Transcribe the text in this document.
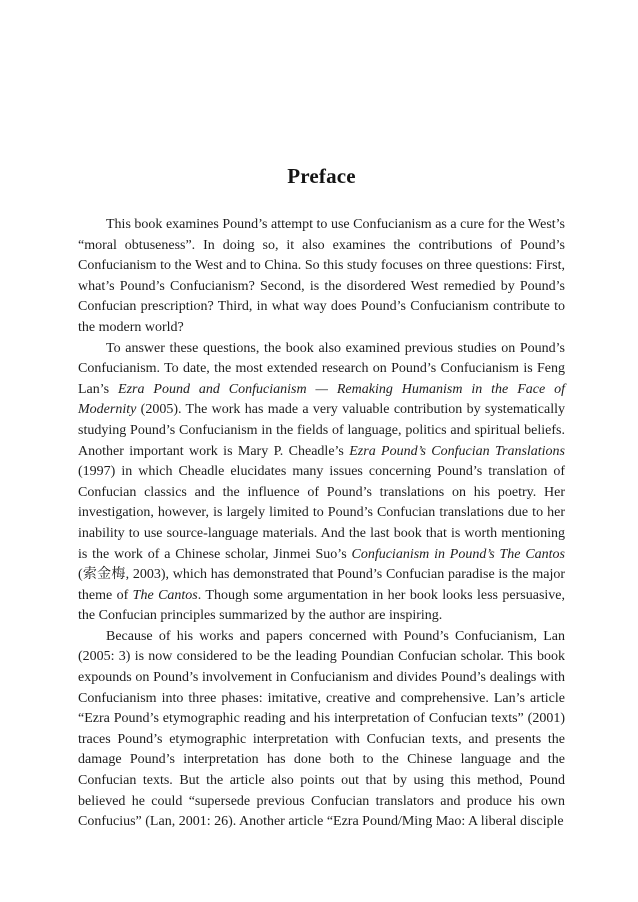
Preface

This book examines Pound’s attempt to use Confucianism as a cure for the West’s “moral obtuseness”. In doing so, it also examines the contributions of Pound’s Confucianism to the West and to China. So this study focuses on three questions: First, what’s Pound’s Confucianism? Second, is the disordered West remedied by Pound’s Confucian prescription? Third, in what way does Pound’s Confucianism contribute to the modern world?

To answer these questions, the book also examined previous studies on Pound’s Confucianism. To date, the most extended research on Pound’s Confucianism is Feng Lan’s Ezra Pound and Confucianism — Remaking Humanism in the Face of Modernity (2005). The work has made a very valuable contribution by systematically studying Pound’s Confucianism in the fields of language, politics and spiritual beliefs. Another important work is Mary P. Cheadle’s Ezra Pound’s Confucian Translations (1997) in which Cheadle elucidates many issues concerning Pound’s translation of Confucian classics and the influence of Pound’s translations on his poetry. Her investigation, however, is largely limited to Pound’s Confucian translations due to her inability to use source-language materials. And the last book that is worth mentioning is the work of a Chinese scholar, Jinmei Suo’s Confucianism in Pound’s The Cantos (索金梅, 2003), which has demonstrated that Pound’s Confucian paradise is the major theme of The Cantos. Though some argumentation in her book looks less persuasive, the Confucian principles summarized by the author are inspiring.

Because of his works and papers concerned with Pound’s Confucianism, Lan (2005: 3) is now considered to be the leading Poundian Confucian scholar. This book expounds on Pound’s involvement in Confucianism and divides Pound’s dealings with Confucianism into three phases: imitative, creative and comprehensive. Lan’s article “Ezra Pound’s etymographic reading and his interpretation of Confucian texts” (2001) traces Pound’s etymographic interpretation with Confucian texts, and presents the damage Pound’s interpretation has done both to the Chinese language and the Confucian texts. But the article also points out that by using this method, Pound believed he could “supersede previous Confucian translators and produce his own Confucius” (Lan, 2001: 26). Another article “Ezra Pound/Ming Mao: A liberal disciple
